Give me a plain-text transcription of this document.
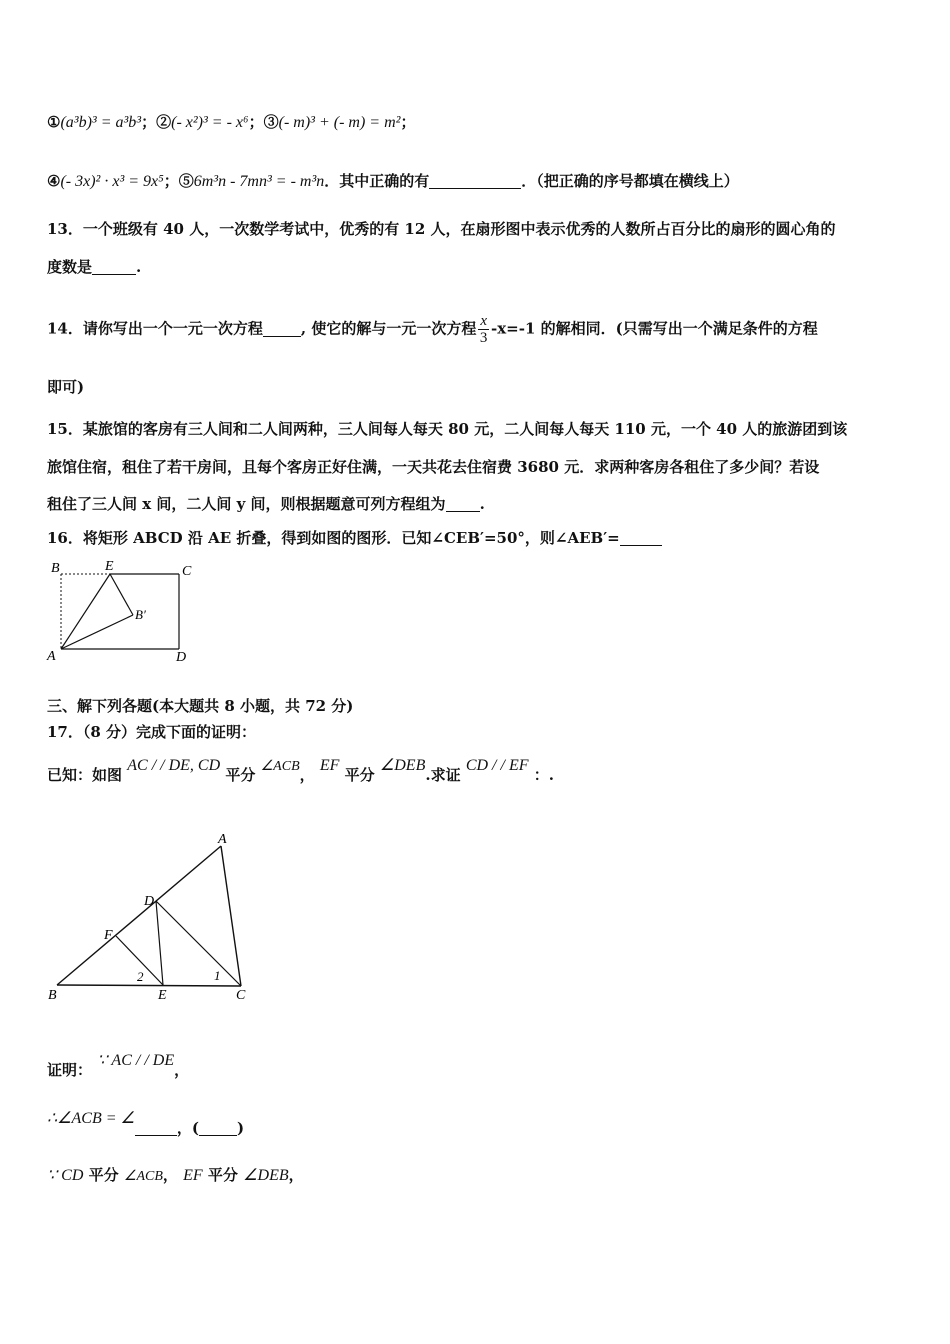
①(a³b)³ = a³b³；②(- x²)³ = - x⁶；③(- m)³ + (- m) = m²；
④(- 3x)² · x³ = 9x⁵；⑤6m³n - 7mn³ = - m³n．其中正确的有	．（把正确的序号都填在横线上）
13．一个班级有 40 人，一次数学考试中，优秀的有 12 人，在扇形图中表示优秀的人数所占百分比的扇形的圆心角的
度数是	.
14．请你写出一个一元一次方程	, 使它的解与一元一次方程 $\frac{x}{3} -x=-1$ 的解相同．(只需写出一个满足条件的方程
即可)
15．某旅馆的客房有三人间和二人间两种，三人间每人每天 80 元，二人间每人每天 110 元，一个 40 人的旅游团到该
旅馆住宿，租住了若干房间，且每个客房正好住满，一天共花去住宿费 3680 元．求两种客房各租住了多少间？若设
租住了三人间 x 间，二人间 y 间，则根据题意可列方程组为 .
16．将矩形 ABCD 沿 AE 折叠，得到如图的图形．已知∠CEB′=50°，则∠AEB′=
B	E	C
B′
A	D
三、解下列各题(本大题共 8 小题，共 72 分)
17．（8 分）完成下面的证明：
已知：如图 AC / / DE, CD 平分 ∠ACB， EF 平分 ∠DEB.求证 CD / / EF ：.
A
D
F
B	E	C
1
2
证明： ∵ AC / / DE，
∴∠ACB = ∠，(	)
∵ CD 平分 ∠ACB， EF 平分 ∠DEB，
